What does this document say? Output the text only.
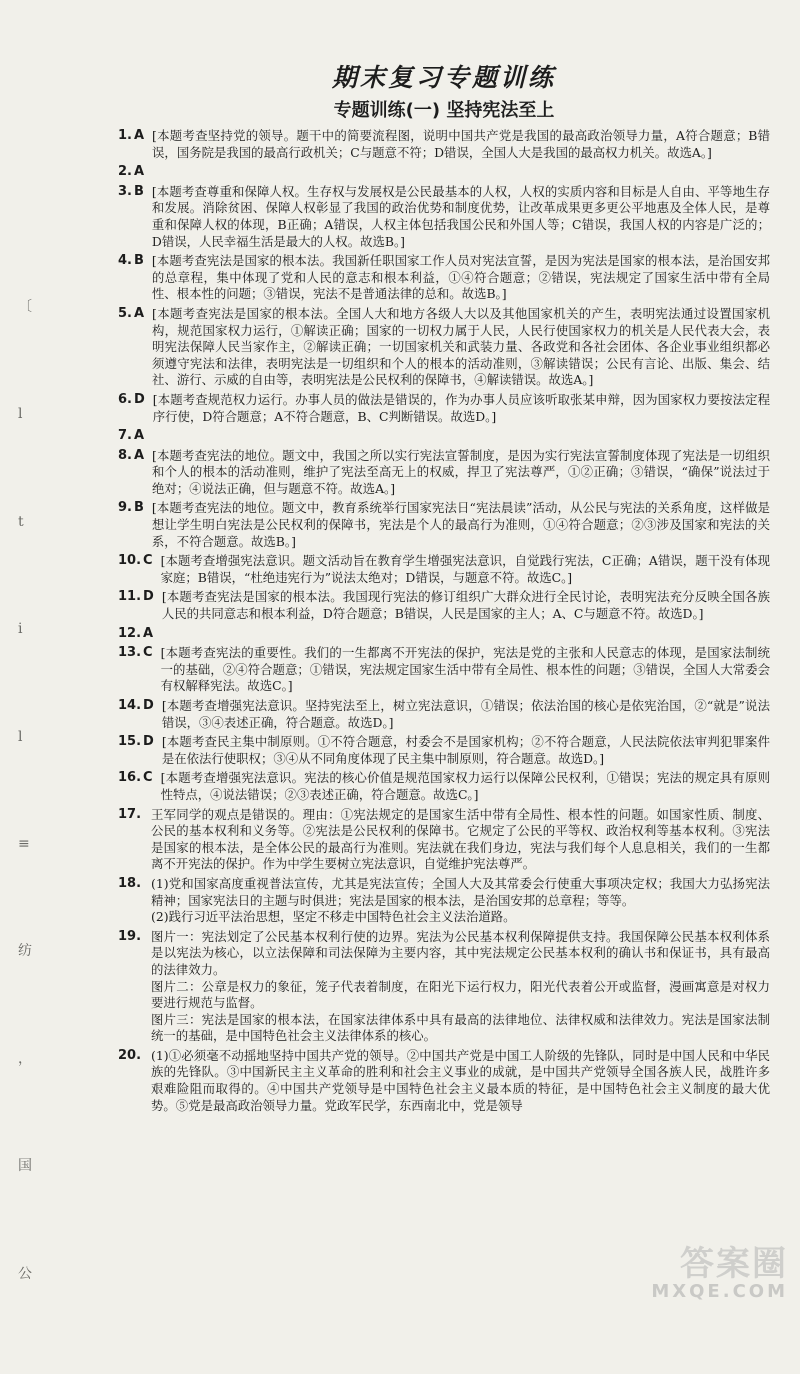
〔
l
t
i
l
≡
纺
，
国
公
期末复习专题训练
专题训练(一) 坚持宪法至上
1. A [本题考查坚持党的领导。题干中的简要流程图，说明中国共产党是我国的最高政治领导力量，A符合题意；B错误，国务院是我国的最高行政机关；C与题意不符；D错误，全国人大是我国的最高权力机关。故选A。]

2. A

3. B [本题考查尊重和保障人权。生存权与发展权是公民最基本的人权，人权的实质内容和目标是人自由、平等地生存和发展。消除贫困、保障人权彰显了我国的政治优势和制度优势，让改革成果更多更公平地惠及全体人民，是尊重和保障人权的体现，B正确；A错误，人权主体包括我国公民和外国人等；C错误，我国人权的内容是广泛的；D错误，人民幸福生活是最大的人权。故选B。]

4. B [本题考查宪法是国家的根本法。我国新任职国家工作人员对宪法宣誓，是因为宪法是国家的根本法，是治国安邦的总章程，集中体现了党和人民的意志和根本利益，①④符合题意；②错误，宪法规定了国家生活中带有全局性、根本性的问题；③错误，宪法不是普通法律的总和。故选B。]

5. A [本题考查宪法是国家的根本法。全国人大和地方各级人大以及其他国家机关的产生，表明宪法通过设置国家机构，规范国家权力运行，①解读正确；国家的一切权力属于人民，人民行使国家权力的机关是人民代表大会，表明宪法保障人民当家作主，②解读正确；一切国家机关和武装力量、各政党和各社会团体、各企业事业组织都必须遵守宪法和法律，表明宪法是一切组织和个人的根本的活动准则，③解读错误；公民有言论、出版、集会、结社、游行、示威的自由等，表明宪法是公民权利的保障书，④解读错误。故选A。]

6. D [本题考查规范权力运行。办事人员的做法是错误的，作为办事人员应该听取张某申辩，因为国家权力要按法定程序行使，D符合题意；A不符合题意，B、C判断错误。故选D。]

7. A

8. A [本题考查宪法的地位。题文中，我国之所以实行宪法宣誓制度，是因为实行宪法宣誓制度体现了宪法是一切组织和个人的根本的活动准则，维护了宪法至高无上的权威，捍卫了宪法尊严，①②正确；③错误，“确保”说法过于绝对；④说法正确，但与题意不符。故选A。]

9. B [本题考查宪法的地位。题文中，教育系统举行国家宪法日“宪法晨读”活动，从公民与宪法的关系角度，这样做是想让学生明白宪法是公民权利的保障书，宪法是个人的最高行为准则，①④符合题意；②③涉及国家和宪法的关系，不符合题意。故选B。]

10. C [本题考查增强宪法意识。题文活动旨在教育学生增强宪法意识，自觉践行宪法，C正确；A错误，题干没有体现家庭；B错误，“杜绝违宪行为”说法太绝对；D错误，与题意不符。故选C。]

11. D [本题考查宪法是国家的根本法。我国现行宪法的修订组织广大群众进行全民讨论，表明宪法充分反映全国各族人民的共同意志和根本利益，D符合题意；B错误，人民是国家的主人；A、C与题意不符。故选D。]

12. A

13. C [本题考查宪法的重要性。我们的一生都离不开宪法的保护，宪法是党的主张和人民意志的体现，是国家法制统一的基础，②④符合题意；①错误，宪法规定国家生活中带有全局性、根本性的问题；③错误，全国人大常委会有权解释宪法。故选C。]

14. D [本题考查增强宪法意识。坚持宪法至上，树立宪法意识，①错误；依法治国的核心是依宪治国，②“就是”说法错误，③④表述正确，符合题意。故选D。]

15. D [本题考查民主集中制原则。①不符合题意，村委会不是国家机构；②不符合题意，人民法院依法审判犯罪案件是在依法行使职权；③④从不同角度体现了民主集中制原则，符合题意。故选D。]

16. C [本题考查增强宪法意识。宪法的核心价值是规范国家权力运行以保障公民权利，①错误；宪法的规定具有原则性特点，④说法错误；②③表述正确，符合题意。故选C。]

17. 王军同学的观点是错误的。理由：①宪法规定的是国家生活中带有全局性、根本性的问题。如国家性质、制度、公民的基本权利和义务等。②宪法是公民权利的保障书。它规定了公民的平等权、政治权利等基本权利。③宪法是国家的根本法，是全体公民的最高行为准则。宪法就在我们身边，宪法与我们每个人息息相关，我们的一生都离不开宪法的保护。作为中学生要树立宪法意识，自觉维护宪法尊严。

18. (1)党和国家高度重视普法宣传，尤其是宪法宣传；全国人大及其常委会行使重大事项决定权；我国大力弘扬宪法精神；国家宪法日的主题与时俱进；宪法是国家的根本法，是治国安邦的总章程；等等。

(2)践行习近平法治思想，坚定不移走中国特色社会主义法治道路。

19. 图片一：宪法划定了公民基本权利行使的边界。宪法为公民基本权利保障提供支持。我国保障公民基本权利体系是以宪法为核心，以立法保障和司法保障为主要内容，其中宪法规定公民基本权利的确认书和保证书，具有最高的法律效力。

图片二：公章是权力的象征，笼子代表着制度，在阳光下运行权力，阳光代表着公开或监督，漫画寓意是对权力要进行规范与监督。

图片三：宪法是国家的根本法，在国家法律体系中具有最高的法律地位、法律权威和法律效力。宪法是国家法制统一的基础，是中国特色社会主义法律体系的核心。

20. (1)①必须毫不动摇地坚持中国共产党的领导。②中国共产党是中国工人阶级的先锋队，同时是中国人民和中华民族的先锋队。③中国新民主主义革命的胜利和社会主义事业的成就，是中国共产党领导全国各族人民，战胜许多艰难险阻而取得的。④中国共产党领导是中国特色社会主义最本质的特征，是中国特色社会主义制度的最大优势。⑤党是最高政治领导力量。党政军民学，东西南北中，党是领导

答案圈
MXQE.COM
